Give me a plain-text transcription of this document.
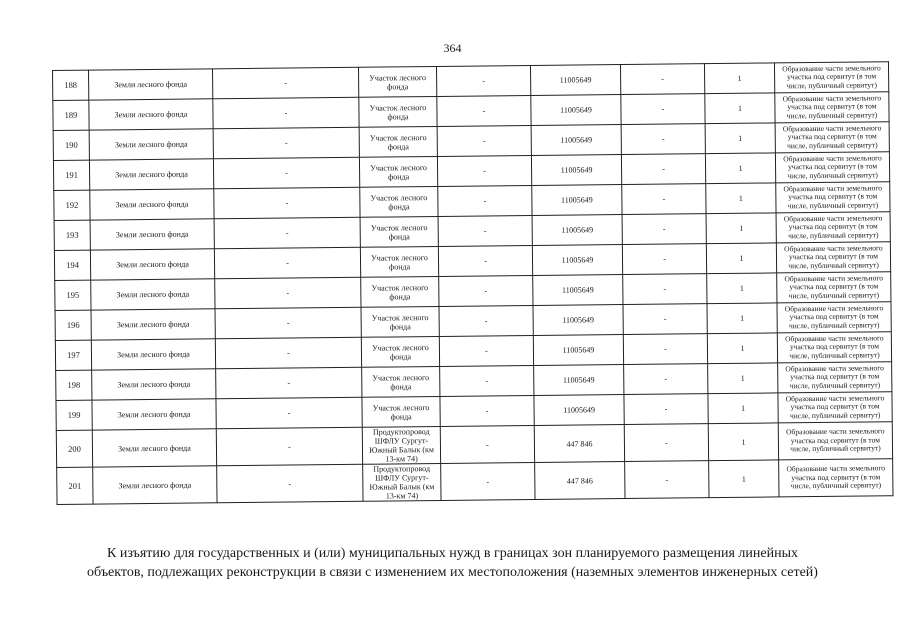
364
188	Земли лесного фонда	-	Участок лесного фонда	-	11005649	-	1	Образование части земельного участка под сервитут (в том числе, публичный сервитут)
189	Земли лесного фонда	-	Участок лесного фонда	-	11005649	-	1	Образование части земельного участка под сервитут (в том числе, публичный сервитут)
190	Земли лесного фонда	-	Участок лесного фонда	-	11005649	-	1	Образование части земельного участка под сервитут (в том числе, публичный сервитут)
191	Земли лесного фонда	-	Участок лесного фонда	-	11005649	-	1	Образование части земельного участка под сервитут (в том числе, публичный сервитут)
192	Земли лесного фонда	-	Участок лесного фонда	-	11005649	-	1	Образование части земельного участка под сервитут (в том числе, публичный сервитут)
193	Земли лесного фонда	-	Участок лесного фонда	-	11005649	-	1	Образование части земельного участка под сервитут (в том числе, публичный сервитут)
194	Земли лесного фонда	-	Участок лесного фонда	-	11005649	-	1	Образование части земельного участка под сервитут (в том числе, публичный сервитут)
195	Земли лесного фонда	-	Участок лесного фонда	-	11005649	-	1	Образование части земельного участка под сервитут (в том числе, публичный сервитут)
196	Земли лесного фонда	-	Участок лесного фонда	-	11005649	-	1	Образование части земельного участка под сервитут (в том числе, публичный сервитут)
197	Земли лесного фонда	-	Участок лесного фонда	-	11005649	-	1	Образование части земельного участка под сервитут (в том числе, публичный сервитут)
198	Земли лесного фонда	-	Участок лесного фонда	-	11005649	-	1	Образование части земельного участка под сервитут (в том числе, публичный сервитут)
199	Земли лесного фонда	-	Участок лесного фонда	-	11005649	-	1	Образование части земельного участка под сервитут (в том числе, публичный сервитут)
200	Земли лесного фонда	-	Продуктопровод ШФЛУ Сургут-Южный Балык (км 13-км 74)	-	447 846	-	1	Образование части земельного участка под сервитут (в том числе, публичный сервитут)
201	Земли лесного фонда	-	Продуктопровод ШФЛУ Сургут-Южный Балык (км 13-км 74)	-	447 846	-	1	Образование части земельного участка под сервитут (в том числе, публичный сервитут)
К изъятию для государственных и (или) муниципальных нужд в границах зон планируемого размещения линейных
объектов, подлежащих реконструкции в связи с изменением их местоположения (наземных элементов инженерных сетей)
